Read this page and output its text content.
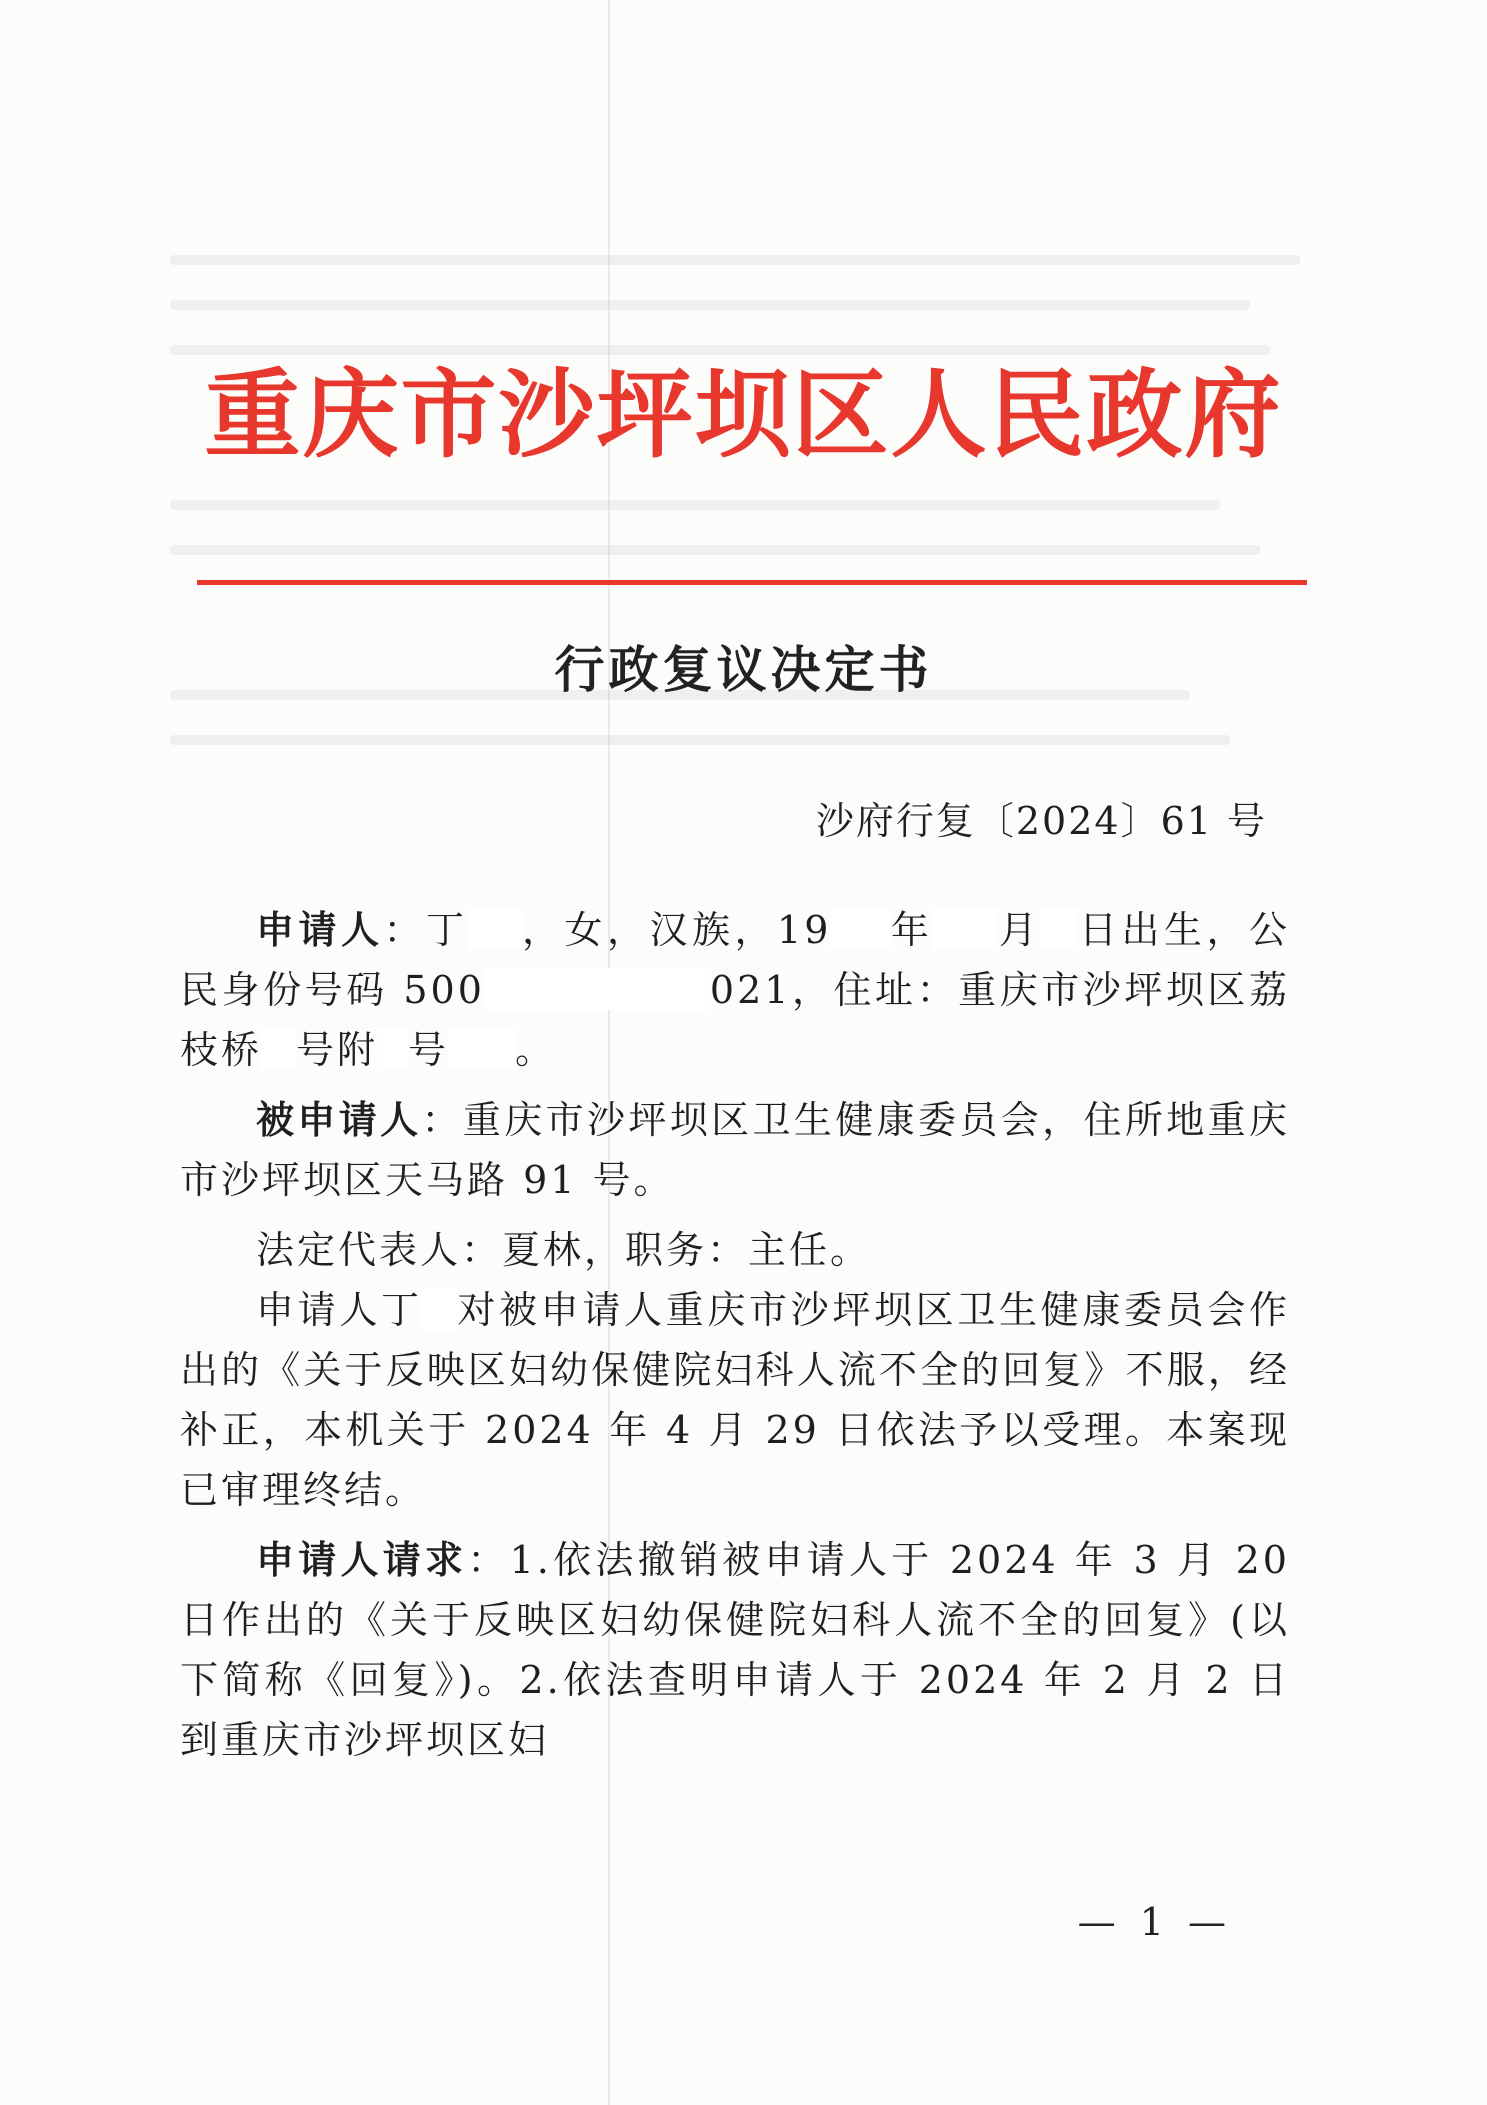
重庆市沙坪坝区人民政府
行政复议决定书
沙府行复〔2024〕61 号

申请人：丁 ，女，汉族，19 年 月 日出生，公民身份号码 500	021，住址：重庆市沙坪坝区荔枝桥 号附 号 。

被申请人：重庆市沙坪坝区卫生健康委员会，住所地重庆市沙坪坝区天马路 91 号。

法定代表人：夏林，职务：主任。

申请人丁 对被申请人重庆市沙坪坝区卫生健康委员会作出的《关于反映区妇幼保健院妇科人流不全的回复》不服，经补正，本机关于 2024 年 4 月 29 日依法予以受理。本案现已审理终结。

申请人请求：1.依法撤销被申请人于 2024 年 3 月 20 日作出的《关于反映区妇幼保健院妇科人流不全的回复》(以下简称《回复》)。2.依法查明申请人于 2024 年 2 月 2 日到重庆市沙坪坝区妇

— 1 —
